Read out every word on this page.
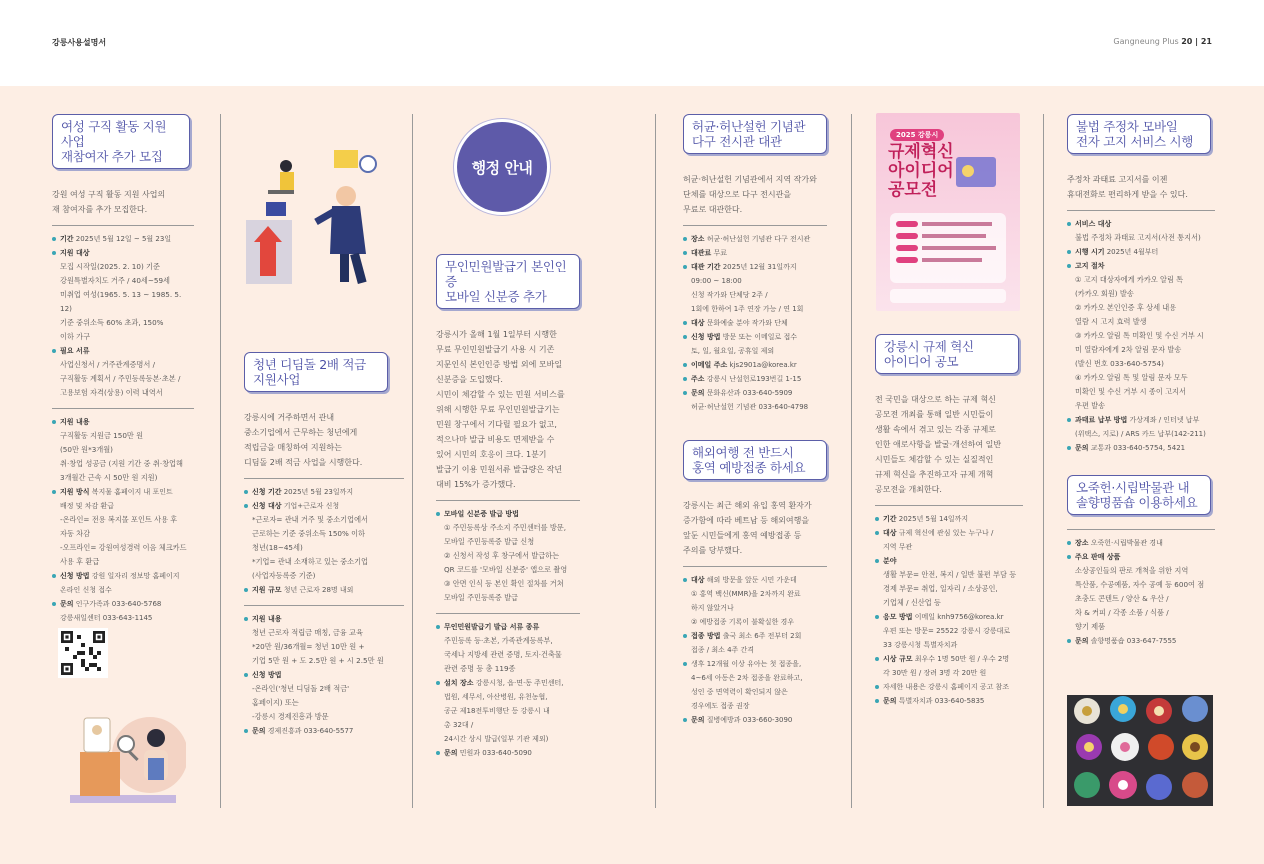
강릉사용설명서	Gangneung Plus 20 | 21
여성 구직 활동 지원 사업
재참여자 추가 모집
강원 여성 구직 활동 지원 사업의
재 참여자를 추가 모집한다.
기간 2025년 5월 12일 ~ 5월 23일
지원 대상
모집 시작일(2025. 2. 10) 기준
강원특별자치도 거주 / 40세~59세
미취업 여성(1965. 5. 13 ~ 1985. 5. 12)
기준 중위소득 60% 초과, 150%
이하 가구
필요 서류
사업신청서 / 거주관계증명서 /
구직활동 계획서 / 주민등록등본·초본 /
고용보험 자격(상용) 이력 내역서
지원 내용
구직활동 지원금 150만 원
(50만 원*3개월)
취·창업 성공금 (지원 기간 중 취·창업해
3개월간 근속 시 50만 원 지원)
지원 방식 복지물 홈페이지 내 포인트
배정 및 차감 환급
-온라인= 전용 복지몰 포인트 사용 후
자동 차감
-오프라인= 강원여성경력 이음 체크카드
사용 후 환급
신청 방법 강원 일자리 정보망 홈페이지
온라인 신청 접수
문의 인구가족과 033-640-5768
강릉새일센터 033-643-1145
청년 디딤돌 2배 적금
지원사업
강릉시에 거주하면서 관내
중소기업에서 근무하는 청년에게
적립금을 매칭하여 지원하는
디딤돌 2배 적금 사업을 시행한다.
신청 기간 2025년 5월 23일까지
신청 대상 기업+근로자 신청
*근로자= 관내 거주 및 중소기업에서
근로하는 기준 중위소득 150% 이하
청년(18~45세)
*기업= 관내 소재하고 있는 중소기업
(사업자등록증 기준)
지원 규모 청년 근로자 28명 내외
지원 내용
청년 근로자 적립금 매칭, 금융 교육
*20만 원/36개월= 청년 10만 원 +
기업 5만 원 + 도 2.5만 원 + 시 2.5만 원
신청 방법
-온라인('청년 디딤돌 2배 적금'
홈페이지) 또는
-강릉시 경제진흥과 방문
문의 경제진흥과 033-640-5577
행정 안내
무인민원발급기 본인인증
모바일 신분증 추가
강릉시가 올해 1월 1일부터 시행한
무료 무인민원발급기 사용 시 기존
지문인식 본인인증 방법 외에 모바일
신분증을 도입했다.
시민이 체감할 수 있는 민원 서비스를
위해 시행한 무료 무인민원발급기는
민원 창구에서 기다릴 필요가 없고,
적으나마 발급 비용도 면제받을 수
있어 시민의 호응이 크다. 1분기
발급기 이용 민원서류 발급량은 작년
대비 15%가 증가했다.
모바일 신분증 발급 방법
① 주민등록상 주소지 주민센터를 방문,
모바일 주민등록증 발급 신청
② 신청서 작성 후 창구에서 발급하는
QR 코드를 '모바일 신분증' 앱으로 촬영
③ 안면 인식 등 본인 확인 절차를 거쳐
모바일 주민등록증 발급
무인민원발급기 발급 서류 종류
주민등록 등·초본, 가족관계등록부,
국세나 지방세 관련 증명, 토지·건축물
관련 증명 등 총 119종
설치 장소 강릉시청, 읍·면·동 주민센터,
법원, 세무서, 아산병원, 유천농협,
공군 제18전투비행단 등 강릉시 내
총 32대 /
24시간 상시 발급(일부 기관 제외)
문의 민원과 033-640-5090
허균·허난설헌 기념관
다구 전시관 대관
허균·허난설헌 기념관에서 지역 작가와
단체를 대상으로 다구 전시관을
무료로 대관한다.
장소 허균·허난설헌 기념관 다구 전시관
대관료 무료
대관 기간 2025년 12월 31일까지
09:00 ~ 18:00
신청 작가와 단체당 2주 /
1회에 한하여 1주 연장 가능 / 연 1회
대상 문화예술 분야 작가와 단체
신청 방법 방문 또는 이메일로 접수
토, 일, 월요일, 공휴일 제외
이메일 주소 kjs2901a@korea.kr
주소 강릉시 난설헌로193번길 1-15
문의 문화유산과 033-640-5909
허균·허난설헌 기념관 033-640-4798
해외여행 전 반드시
홍역 예방접종 하세요
강릉시는 최근 해외 유입 홍역 환자가
증가함에 따라 베트남 등 해외여행을
앞둔 시민들에게 홍역 예방접종 등
주의를 당부했다.
대상 해외 방문을 앞둔 시민 가운데
① 홍역 백신(MMR)을 2차까지 완료
하지 않았거나
② 예방접종 기록이 불확실한 경우
접종 방법 출국 최소 6주 전부터 2회
접종 / 최소 4주 간격
생후 12개월 이상 유아는 첫 접종을,
4~6세 아동은 2차 접종을 완료하고,
성인 중 면역력이 확인되지 않은
경우에도 접종 권장
문의 질병예방과 033-660-3090
2025 강릉시
규제혁신
아이디어
공모전
강릉시 규제 혁신
아이디어 공모
전 국민을 대상으로 하는 규제 혁신
공모전 개최를 통해 일반 시민들이
생활 속에서 겪고 있는 각종 규제로
인한 애로사항을 발굴·개선하여 일반
시민들도 체감할 수 있는 실질적인
규제 혁신을 추진하고자 규제 개혁
공모전을 개최한다.
기간 2025년 5월 14일까지
대상 규제 혁신에 관심 있는 누구나 /
지역 무관
분야
생활 부문= 안전, 복지 / 일반 불편 부담 등
경제 부문= 취업, 일자리 / 소상공인,
기업체 / 신산업 등
응모 방법 이메일 knh9756@korea.kr
우편 또는 방문= 25522 강릉시 강릉대로
33 강릉시청 특별자치과
시상 규모 최우수 1명 50만 원 / 우수 2명
각 30만 원 / 장려 3명 각 20만 원
자세한 내용은 강릉시 홈페이지 공고 참조
문의 특별자치과 033-640-5835
불법 주정차 모바일
전자 고지 서비스 시행
주정차 과태료 고지서를 이젠
휴대전화로 편리하게 받을 수 있다.
서비스 대상
불법 주정차 과태료 고지서(사전 통지서)
시행 시기 2025년 4월부터
고지 절차
① 고지 대상자에게 카카오 알림 톡
(카카오 회원) 발송
② 카카오 본인인증 후 상세 내용
열람 시 고지 효력 발생
③ 카카오 알림 톡 미확인 및 수신 거부 시
미 열람자에게 2차 알림 문자 발송
(발신 번호 033-640-5754)
④ 카카오 알림 톡 및 알림 문자 모두
미확인 및 수신 거부 시 종이 고지서
우편 발송
과태료 납부 방법 가상계좌 / 인터넷 납부
(위택스, 지로) / ARS 카드 납부(142-211)
문의 교통과 033-640-5754, 5421
오죽헌·시립박물관 내
솔향명품숍 이용하세요
장소 오죽헌·시립박물관 경내
주요 판매 상품
소상공인들의 판로 개척을 위한 지역
특산품, 수공예품, 자수 공예 등 600여 점
초충도 콘텐트 / 양산 & 우산 /
차 & 커피 / 각종 소품 / 식품 /
향기 제품
문의 솔향명품숍 033-647-7555
